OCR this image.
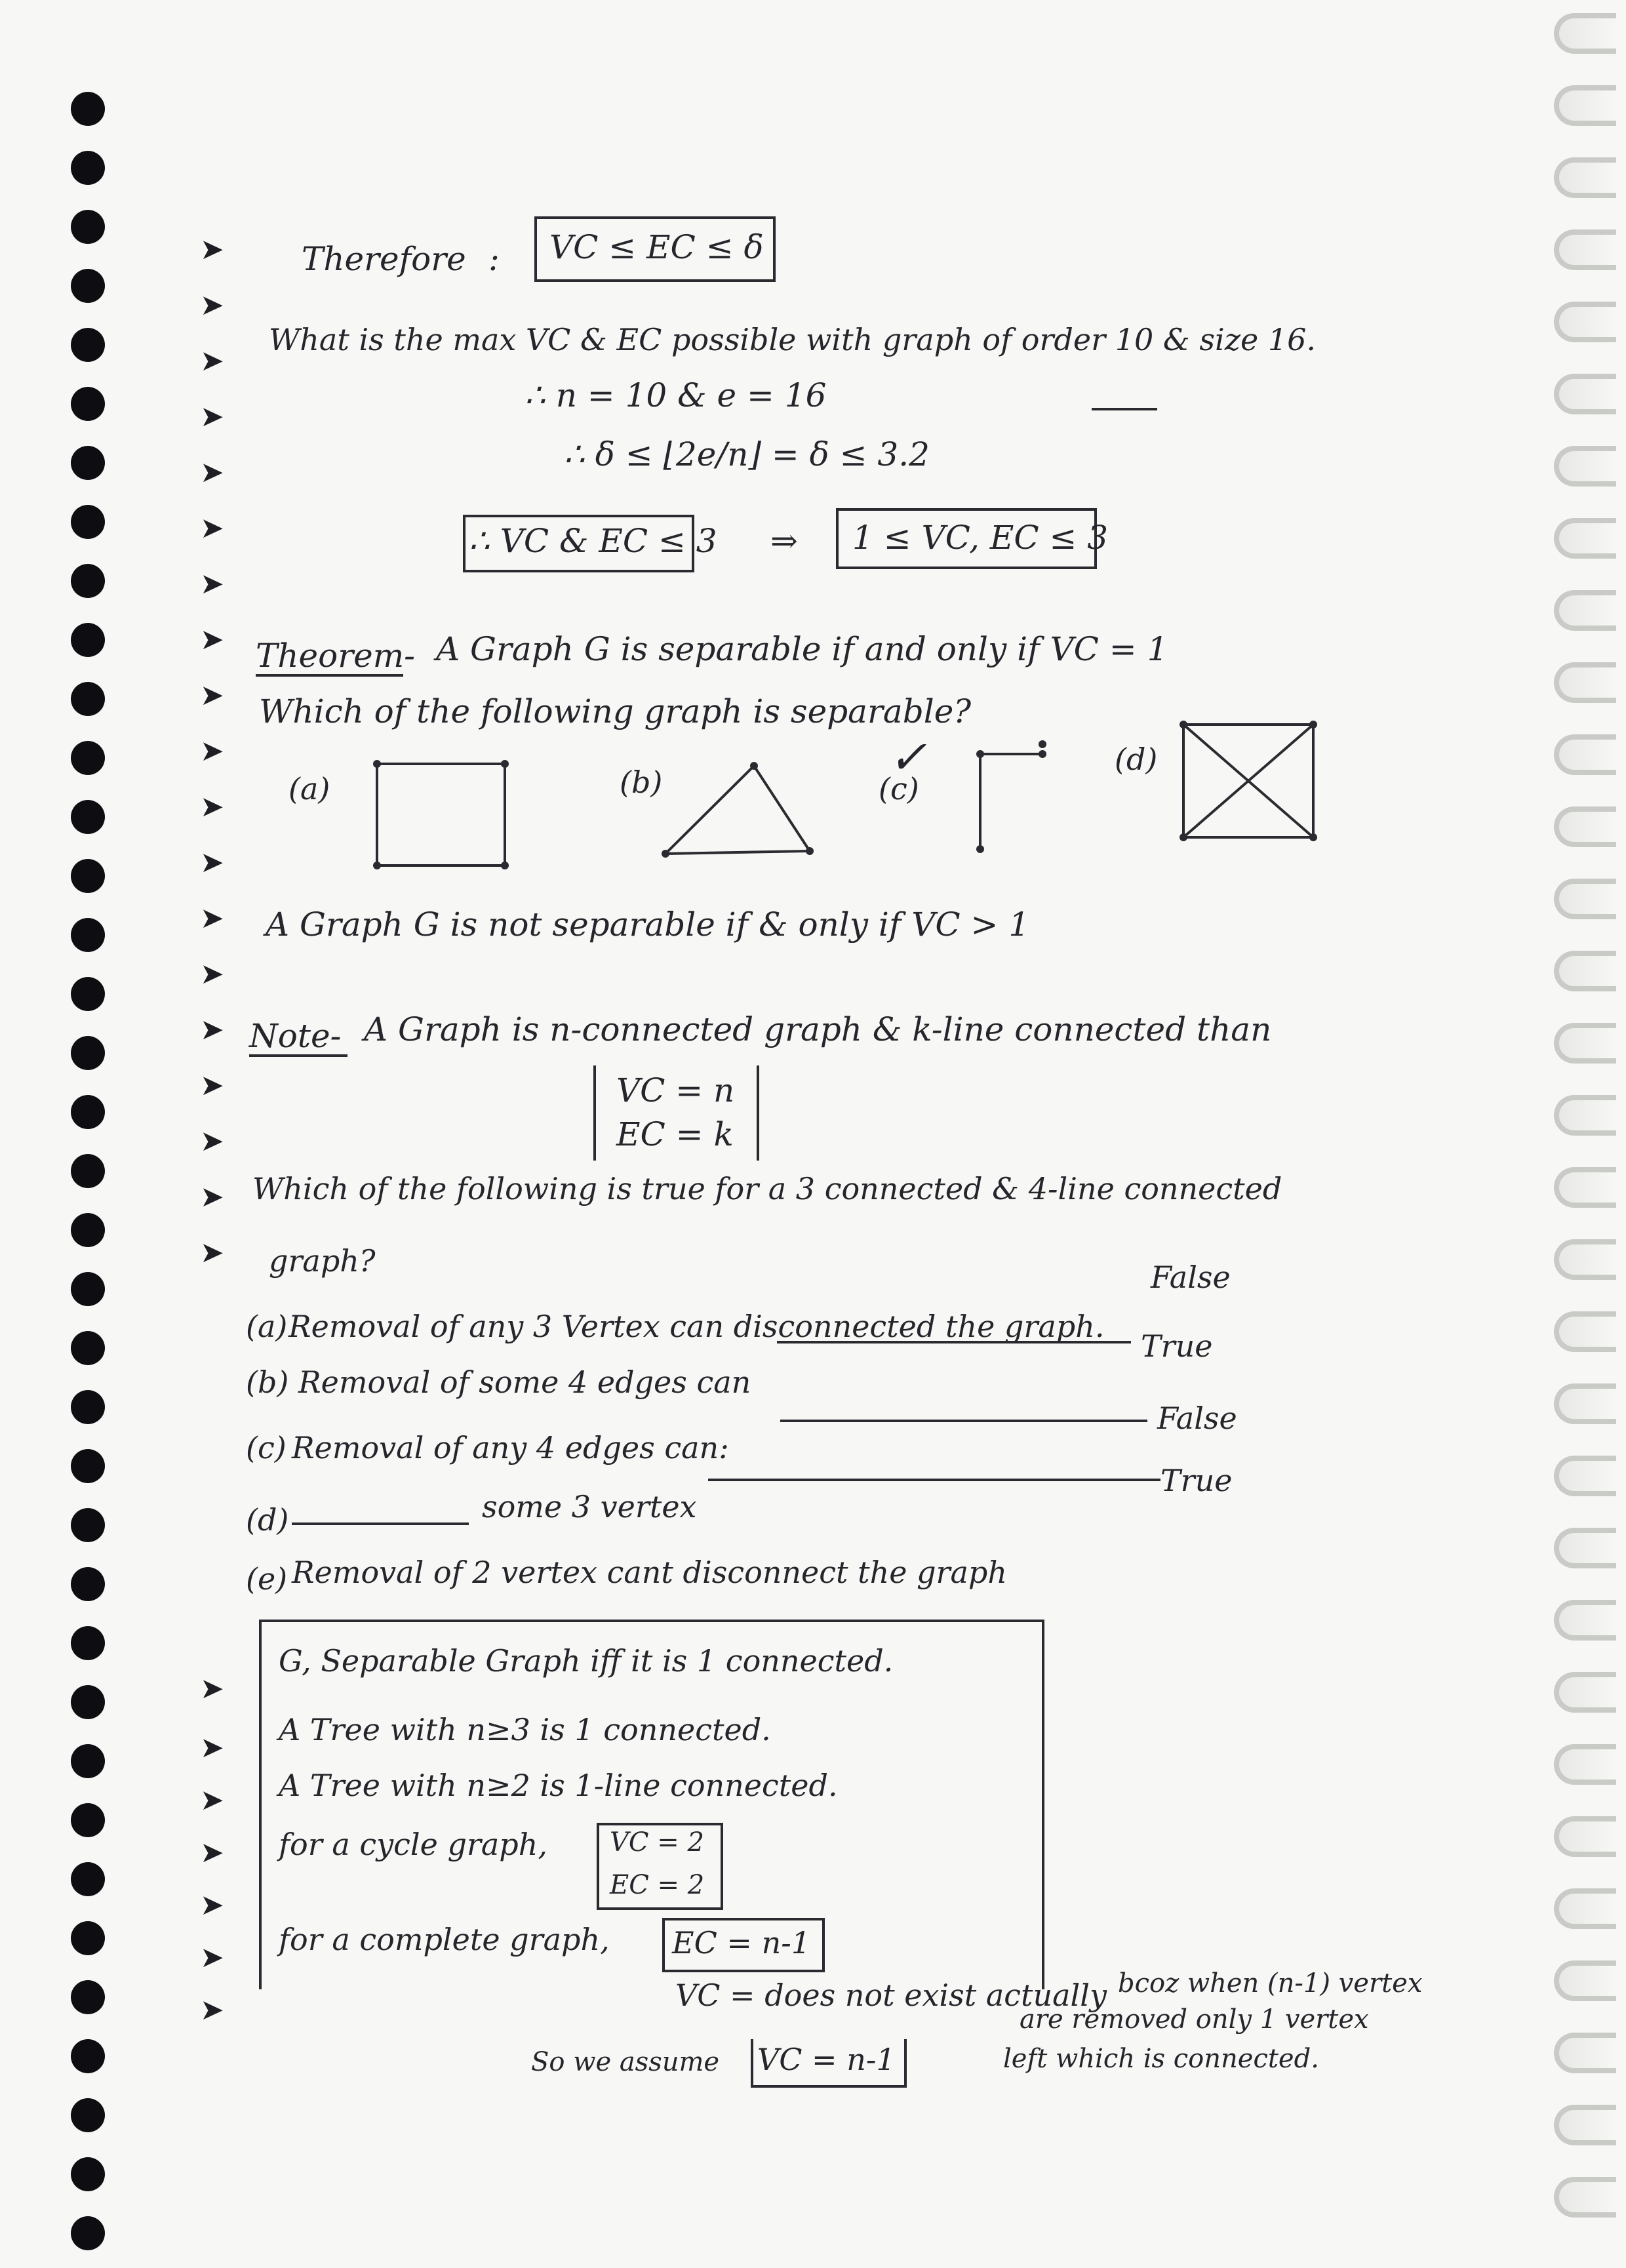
➤
➤
➤
➤
➤
➤
➤
➤
➤
➤
➤
➤
➤
➤
➤
➤
➤
➤
➤
➤
➤
➤
➤
➤
➤
➤
Therefore : VC ≤ EC ≤ δ
What is the max VC & EC possible with graph of order 10 & size 16.
∴ n = 10 & e = 16
∴ δ ≤ ⌊2e/n⌋ = δ ≤ 3.2
∴ VC & EC ≤ 3 ⇒ 1 ≤ VC, EC ≤ 3
Theorem- A Graph G is separable if and only if VC = 1
Which of the following graph is separable?
(a)	(b)	(c)
✓	(d)
A Graph G is not separable if & only if VC > 1
Note- A Graph is n-connected graph & k-line connected than
VC = n
EC = k
Which of the following is true for a 3 connected & 4-line connected
graph?
(a) Removal of any 3 Vertex can disconnected the graph.
False
(b) Removal of some 4 edges can
True
(c) Removal of any 4 edges can:
False
(d)	some 3 vertex
True
(e) Removal of 2 vertex cant disconnect the graph
G, Separable Graph iff it is 1 connected.
A Tree with n≥3 is 1 connected.
A Tree with n≥2 is 1-line connected.
for a cycle graph, VC = 2
EC = 2
for a complete graph, EC = n-1
VC = does not exist actually bcoz when (n-1) vertex
are removed only 1 vertex
left which is connected.
So we assume VC = n-1
